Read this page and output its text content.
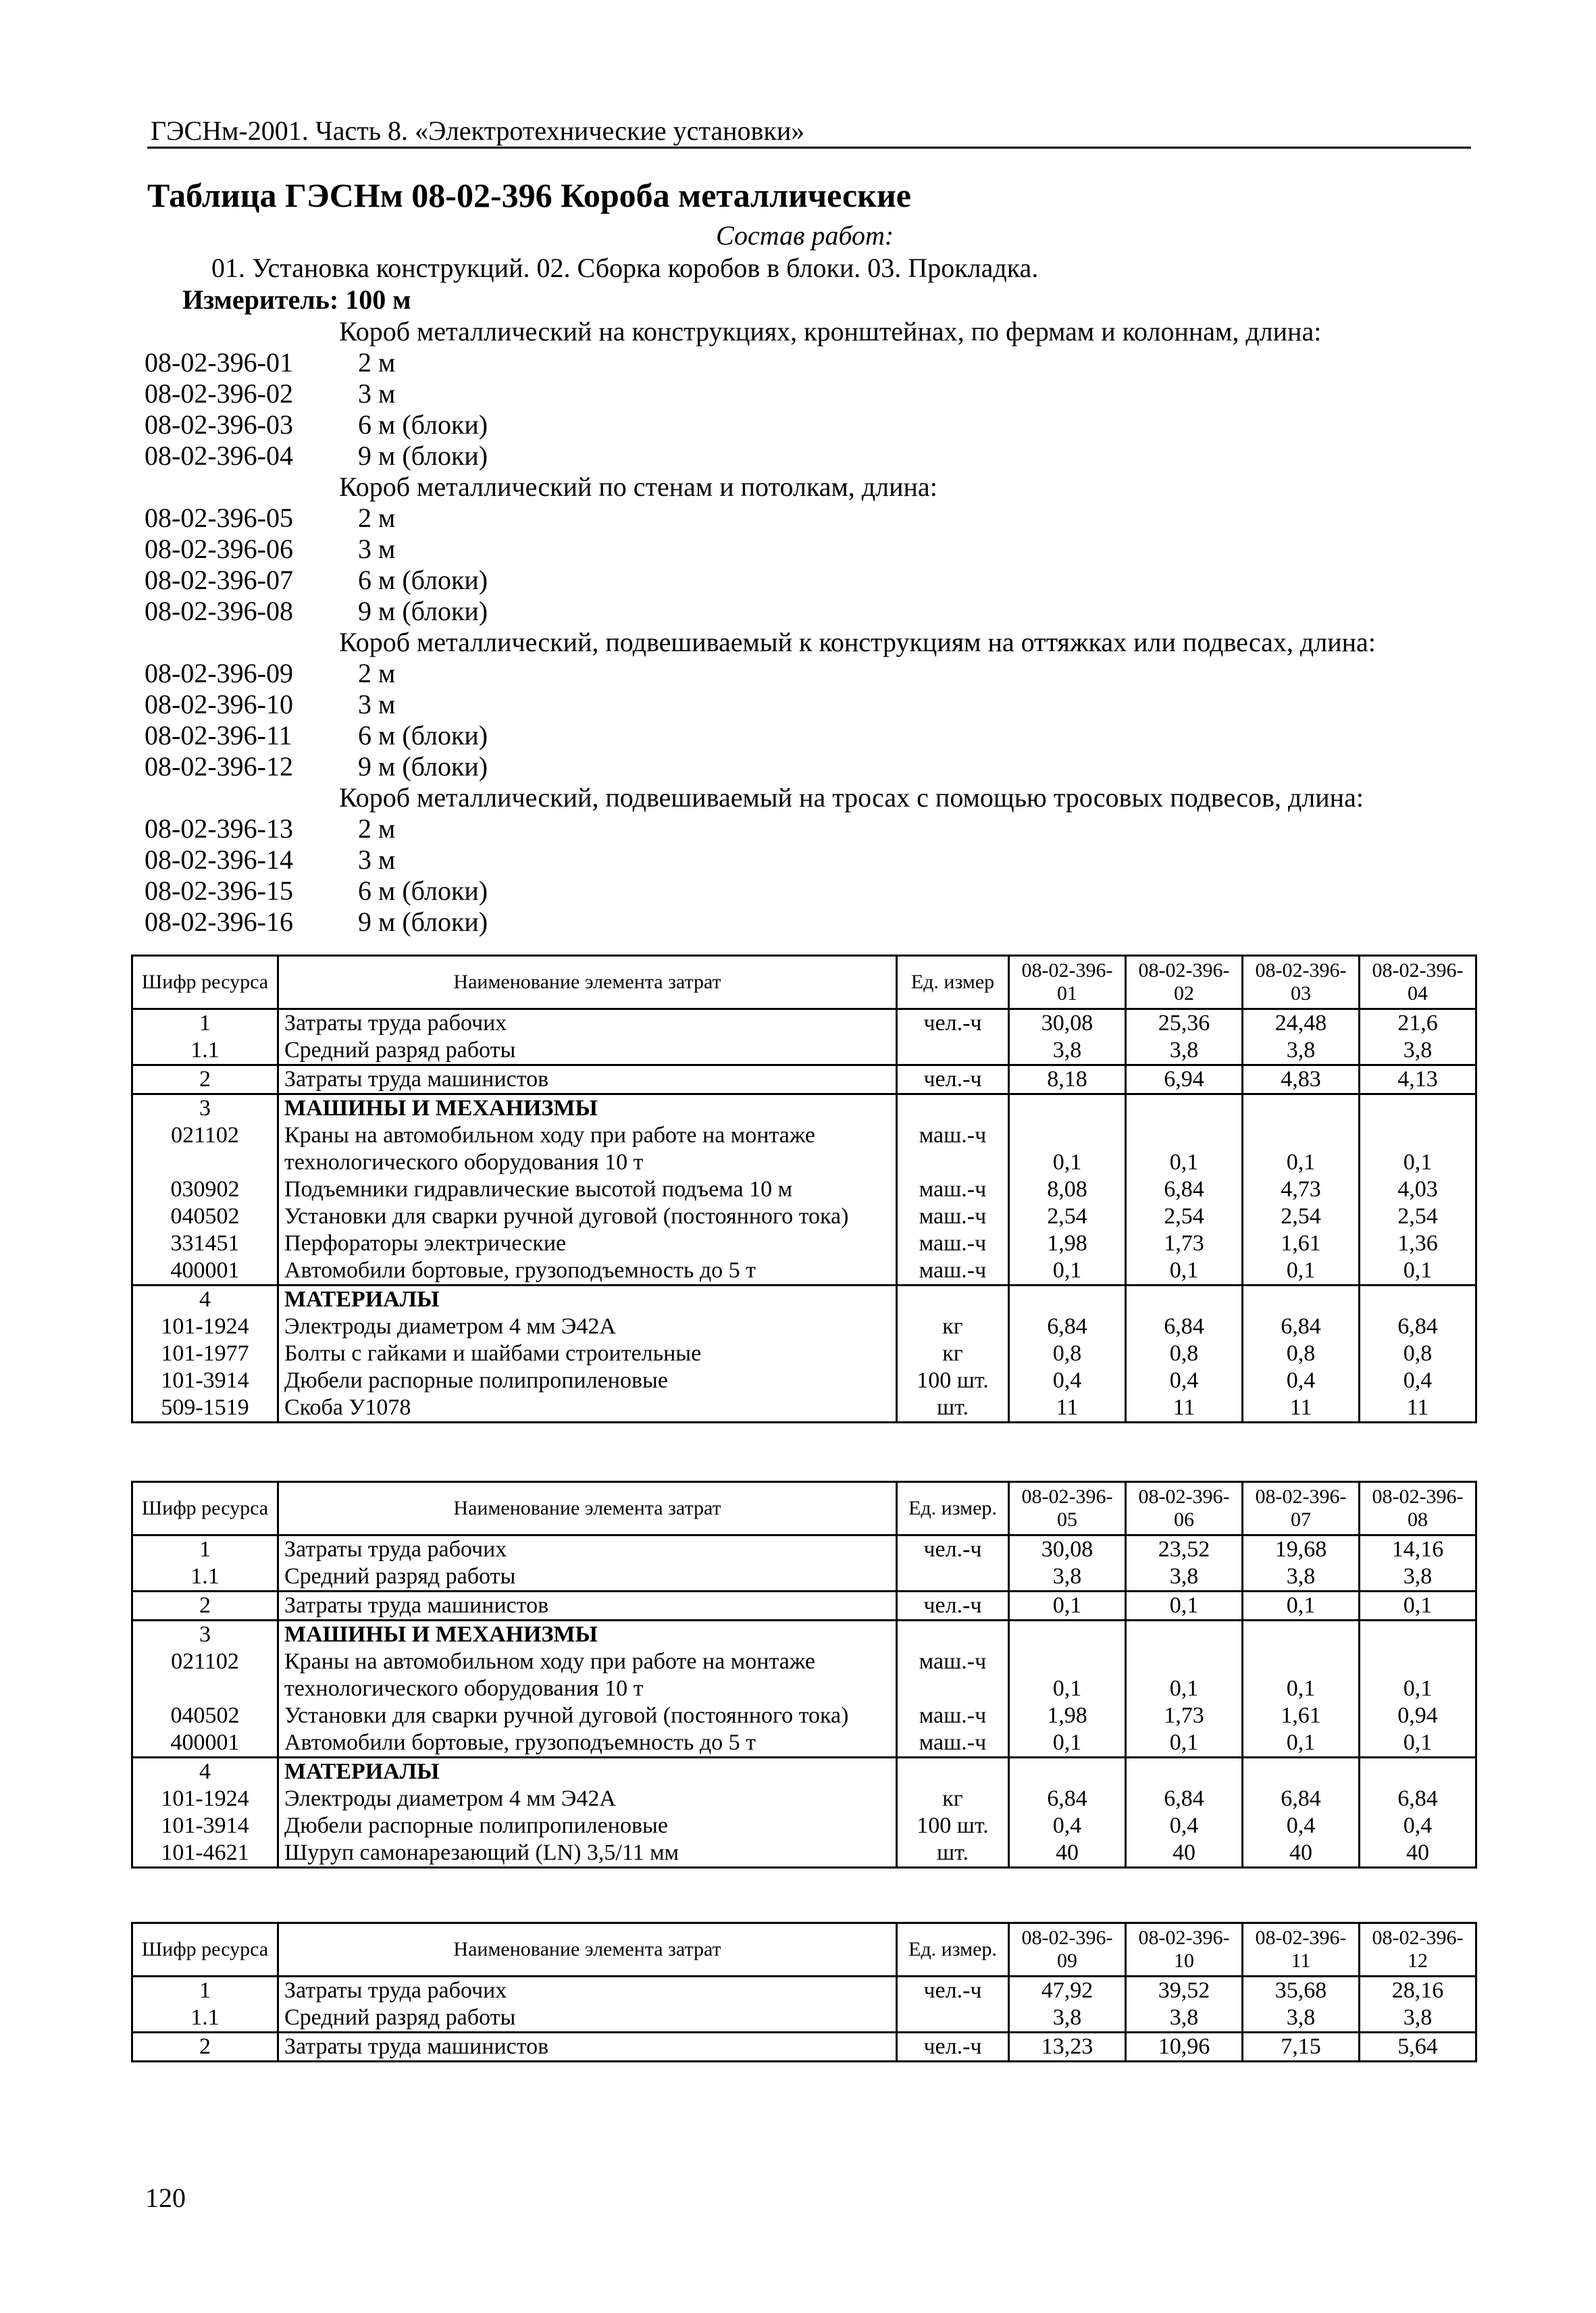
ГЭСНм-2001. Часть 8. «Электротехнические установки»
Таблица ГЭСНм 08-02-396 Короба металлические
Состав работ:
01. Установка конструкций. 02. Сборка коробов в блоки. 03. Прокладка.
Измеритель: 100 м
Короб металлический на конструкциях, кронштейнах, по фермам и колоннам, длина:
08-02-396-01 2 м
08-02-396-02 3 м
08-02-396-03 6 м (блоки)
08-02-396-04 9 м (блоки)
Короб металлический по стенам и потолкам, длина:
08-02-396-05 2 м
08-02-396-06 3 м
08-02-396-07 6 м (блоки)
08-02-396-08 9 м (блоки)
Короб металлический, подвешиваемый к конструкциям на оттяжках или подвесах, длина:
08-02-396-09 2 м
08-02-396-10 3 м
08-02-396-11 6 м (блоки)
08-02-396-12 9 м (блоки)
Короб металлический, подвешиваемый на тросах с помощью тросовых подвесов, длина:
08-02-396-13 2 м
08-02-396-14 3 м
08-02-396-15 6 м (блоки)
08-02-396-16 9 м (блоки)
Шифр ресурса	Наименование элемента затрат	Ед. измер	08-02-396-01	08-02-396-02	08-02-396-03	08-02-396-04
1	Затраты труда рабочих	чел.-ч	30,08	25,36	24,48	21,6
1.1	Средний разряд работы		3,8	3,8	3,8	3,8
2	Затраты труда машинистов	чел.-ч	8,18	6,94	4,83	4,13
3	МАШИНЫ И МЕХАНИЗМЫ					
021102	Краны на автомобильном ходу при работе на монтаже технологического оборудования 10 т	маш.-ч	0,1	0,1	0,1	0,1
030902	Подъемники гидравлические высотой подъема 10 м	маш.-ч	8,08	6,84	4,73	4,03
040502	Установки для сварки ручной дуговой (постоянного тока)	маш.-ч	2,54	2,54	2,54	2,54
331451	Перфораторы электрические	маш.-ч	1,98	1,73	1,61	1,36
400001	Автомобили бортовые, грузоподъемность до 5 т	маш.-ч	0,1	0,1	0,1	0,1
4	МАТЕРИАЛЫ					
101-1924	Электроды диаметром 4 мм Э42А	кг	6,84	6,84	6,84	6,84
101-1977	Болты с гайками и шайбами строительные	кг	0,8	0,8	0,8	0,8
101-3914	Дюбели распорные полипропиленовые	100 шт.	0,4	0,4	0,4	0,4
509-1519	Скоба У1078	шт.	11	11	11	11
Шифр ресурса	Наименование элемента затрат	Ед. измер.	08-02-396-05	08-02-396-06	08-02-396-07	08-02-396-08
1	Затраты труда рабочих	чел.-ч	30,08	23,52	19,68	14,16
1.1	Средний разряд работы		3,8	3,8	3,8	3,8
2	Затраты труда машинистов	чел.-ч	0,1	0,1	0,1	0,1
3	МАШИНЫ И МЕХАНИЗМЫ					
021102	Краны на автомобильном ходу при работе на монтаже технологического оборудования 10 т	маш.-ч	0,1	0,1	0,1	0,1
040502	Установки для сварки ручной дуговой (постоянного тока)	маш.-ч	1,98	1,73	1,61	0,94
400001	Автомобили бортовые, грузоподъемность до 5 т	маш.-ч	0,1	0,1	0,1	0,1
4	МАТЕРИАЛЫ					
101-1924	Электроды диаметром 4 мм Э42А	кг	6,84	6,84	6,84	6,84
101-3914	Дюбели распорные полипропиленовые	100 шт.	0,4	0,4	0,4	0,4
101-4621	Шуруп самонарезающий (LN) 3,5/11 мм	шт.	40	40	40	40
Шифр ресурса	Наименование элемента затрат	Ед. измер.	08-02-396-09	08-02-396-10	08-02-396-11	08-02-396-12
1	Затраты труда рабочих	чел.-ч	47,92	39,52	35,68	28,16
1.1	Средний разряд работы		3,8	3,8	3,8	3,8
2	Затраты труда машинистов	чел.-ч	13,23	10,96	7,15	5,64
120
